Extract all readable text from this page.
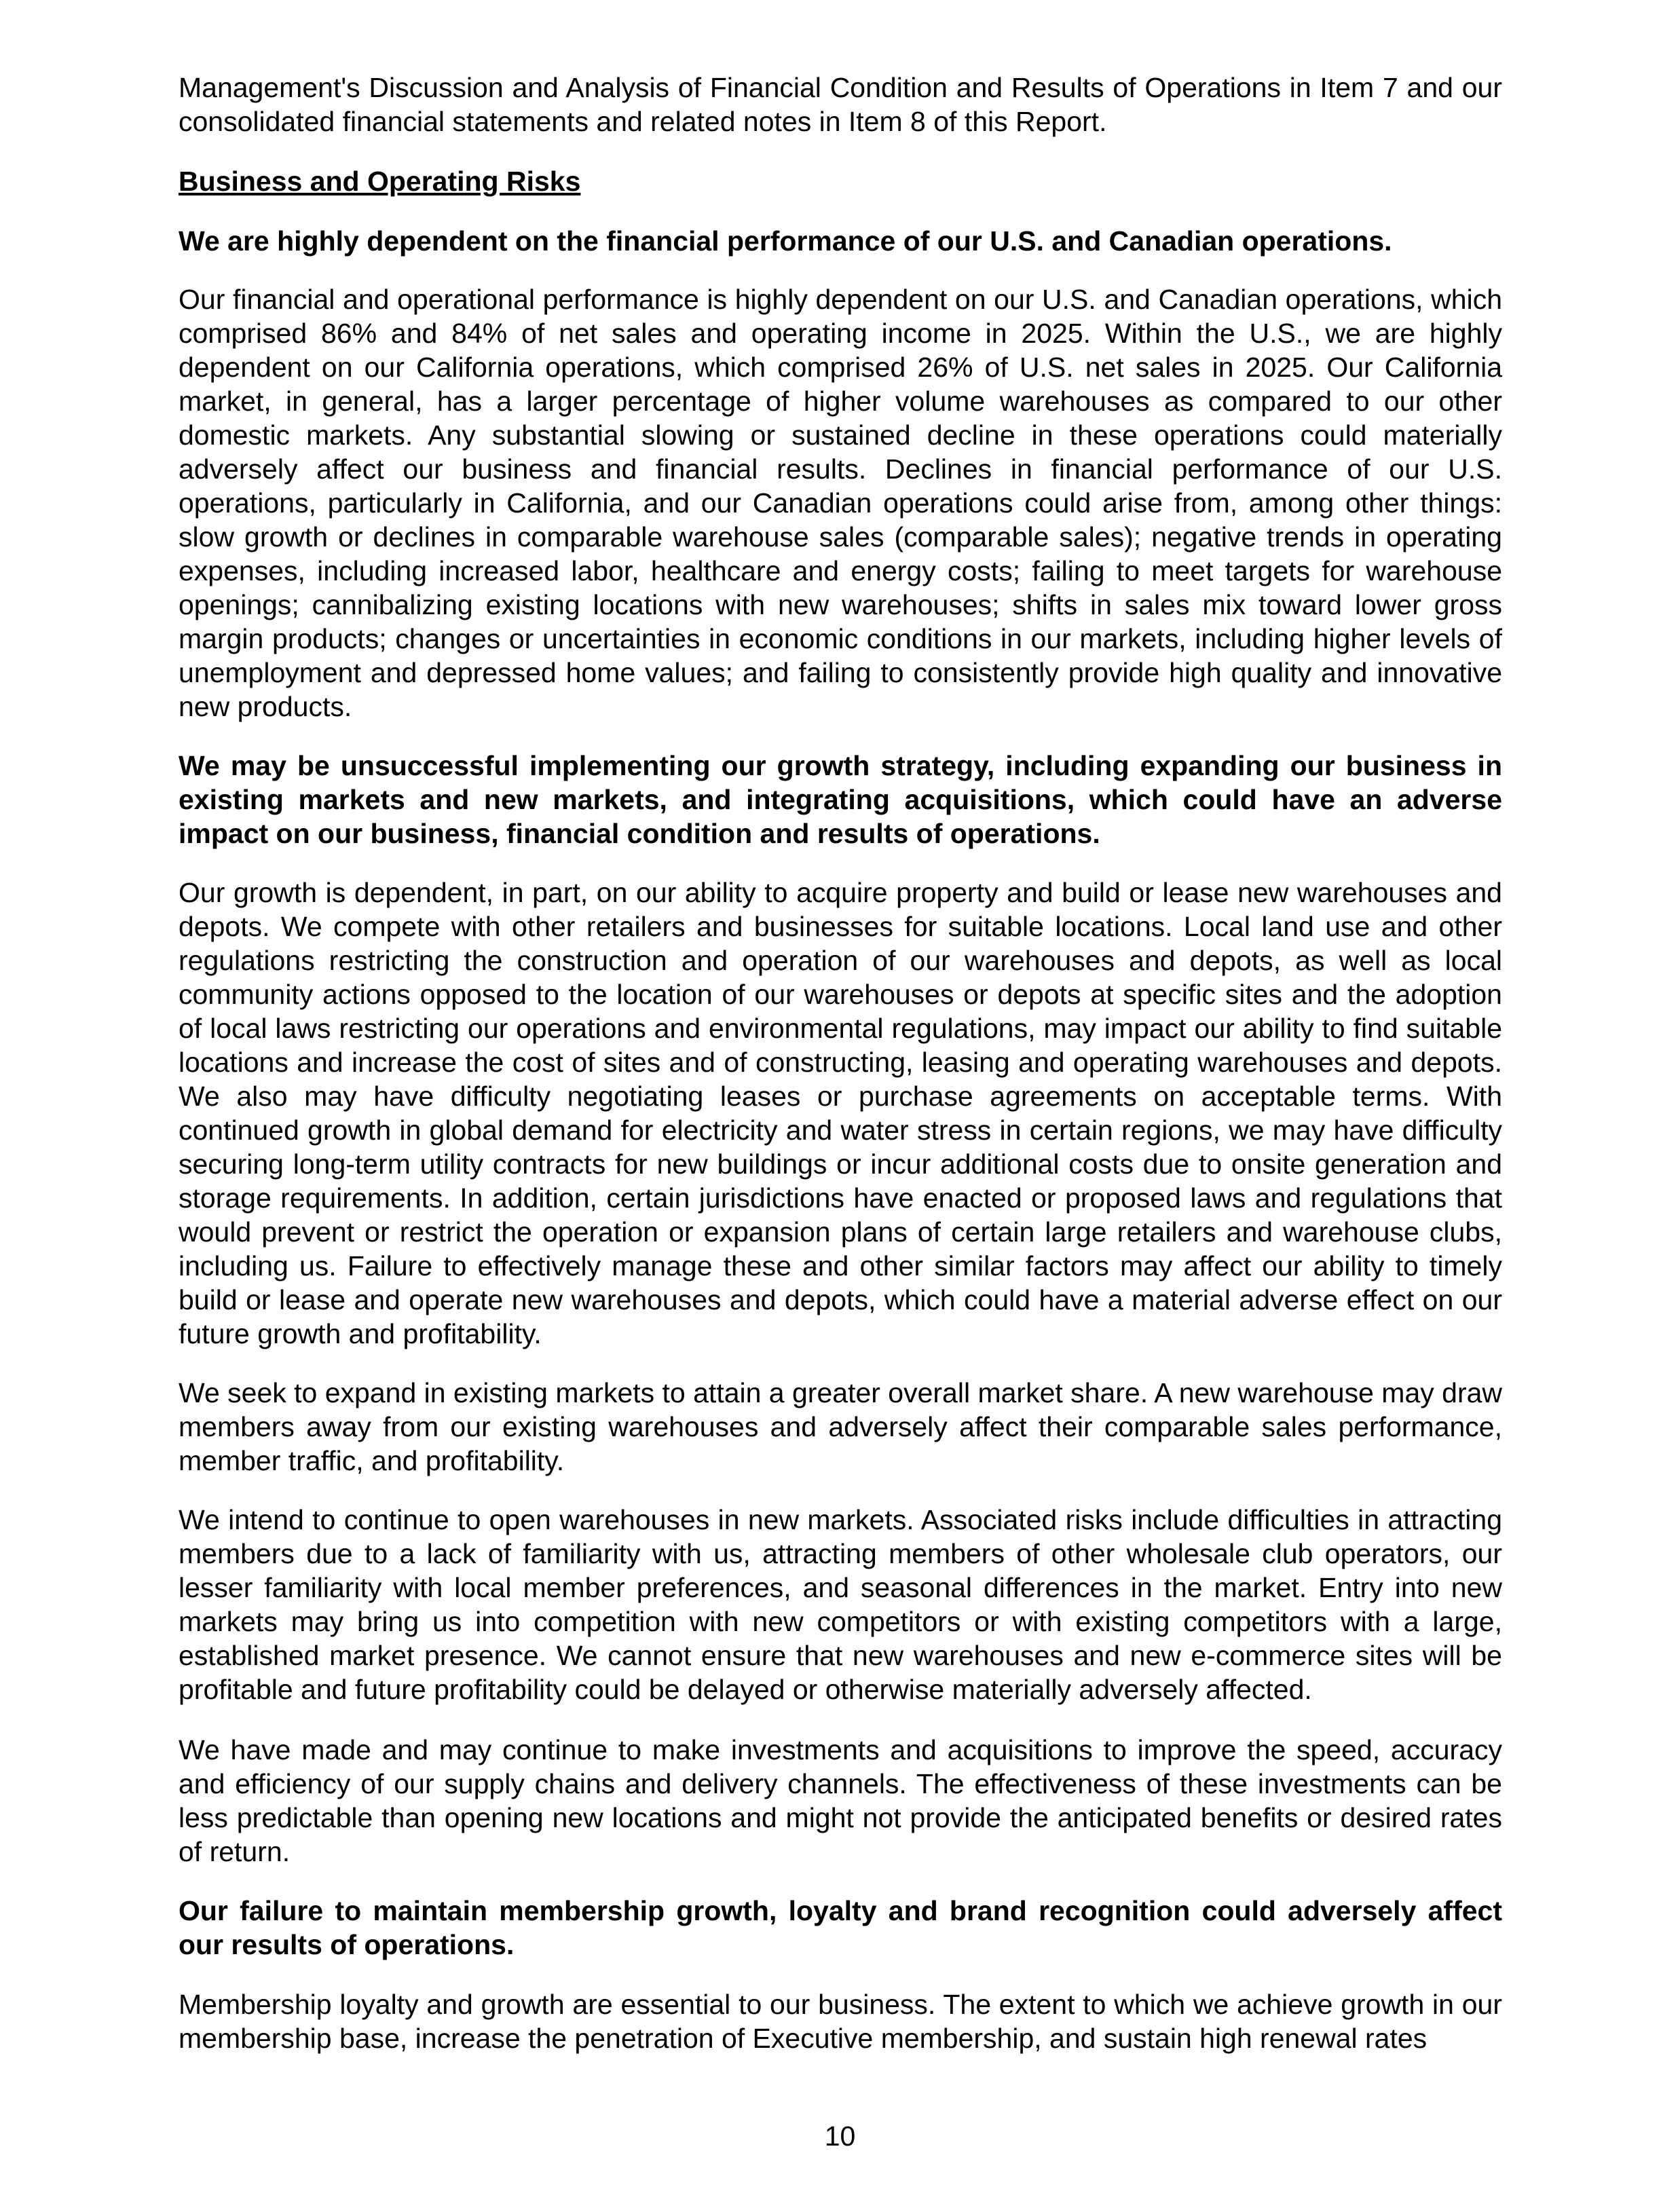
Management's Discussion and Analysis of Financial Condition and Results of Operations in Item 7 and our consolidated financial statements and related notes in Item 8 of this Report.

Business and Operating Risks

We are highly dependent on the financial performance of our U.S. and Canadian operations.

Our financial and operational performance is highly dependent on our U.S. and Canadian operations, which comprised 86% and 84% of net sales and operating income in 2025. Within the U.S., we are highly dependent on our California operations, which comprised 26% of U.S. net sales in 2025. Our California market, in general, has a larger percentage of higher volume warehouses as compared to our other domestic markets. Any substantial slowing or sustained decline in these operations could materially adversely affect our business and financial results. Declines in financial performance of our U.S. operations, particularly in California, and our Canadian operations could arise from, among other things: slow growth or declines in comparable warehouse sales (comparable sales); negative trends in operating expenses, including increased labor, healthcare and energy costs; failing to meet targets for warehouse openings; cannibalizing existing locations with new warehouses; shifts in sales mix toward lower gross margin products; changes or uncertainties in economic conditions in our markets, including higher levels of unemployment and depressed home values; and failing to consistently provide high quality and innovative new products.

We may be unsuccessful implementing our growth strategy, including expanding our business in existing markets and new markets, and integrating acquisitions, which could have an adverse impact on our business, financial condition and results of operations.

Our growth is dependent, in part, on our ability to acquire property and build or lease new warehouses and depots. We compete with other retailers and businesses for suitable locations. Local land use and other regulations restricting the construction and operation of our warehouses and depots, as well as local community actions opposed to the location of our warehouses or depots at specific sites and the adoption of local laws restricting our operations and environmental regulations, may impact our ability to find suitable locations and increase the cost of sites and of constructing, leasing and operating warehouses and depots. We also may have difficulty negotiating leases or purchase agreements on acceptable terms. With continued growth in global demand for electricity and water stress in certain regions, we may have difficulty securing long-term utility contracts for new buildings or incur additional costs due to onsite generation and storage requirements. In addition, certain jurisdictions have enacted or proposed laws and regulations that would prevent or restrict the operation or expansion plans of certain large retailers and warehouse clubs, including us. Failure to effectively manage these and other similar factors may affect our ability to timely build or lease and operate new warehouses and depots, which could have a material adverse effect on our future growth and profitability.

We seek to expand in existing markets to attain a greater overall market share. A new warehouse may draw members away from our existing warehouses and adversely affect their comparable sales performance, member traffic, and profitability.

We intend to continue to open warehouses in new markets. Associated risks include difficulties in attracting members due to a lack of familiarity with us, attracting members of other wholesale club operators, our lesser familiarity with local member preferences, and seasonal differences in the market. Entry into new markets may bring us into competition with new competitors or with existing competitors with a large, established market presence. We cannot ensure that new warehouses and new e-commerce sites will be profitable and future profitability could be delayed or otherwise materially adversely affected.

We have made and may continue to make investments and acquisitions to improve the speed, accuracy and efficiency of our supply chains and delivery channels. The effectiveness of these investments can be less predictable than opening new locations and might not provide the anticipated benefits or desired rates of return.

Our failure to maintain membership growth, loyalty and brand recognition could adversely affect our results of operations.

Membership loyalty and growth are essential to our business. The extent to which we achieve growth in our membership base, increase the penetration of Executive membership, and sustain high renewal rates

10
